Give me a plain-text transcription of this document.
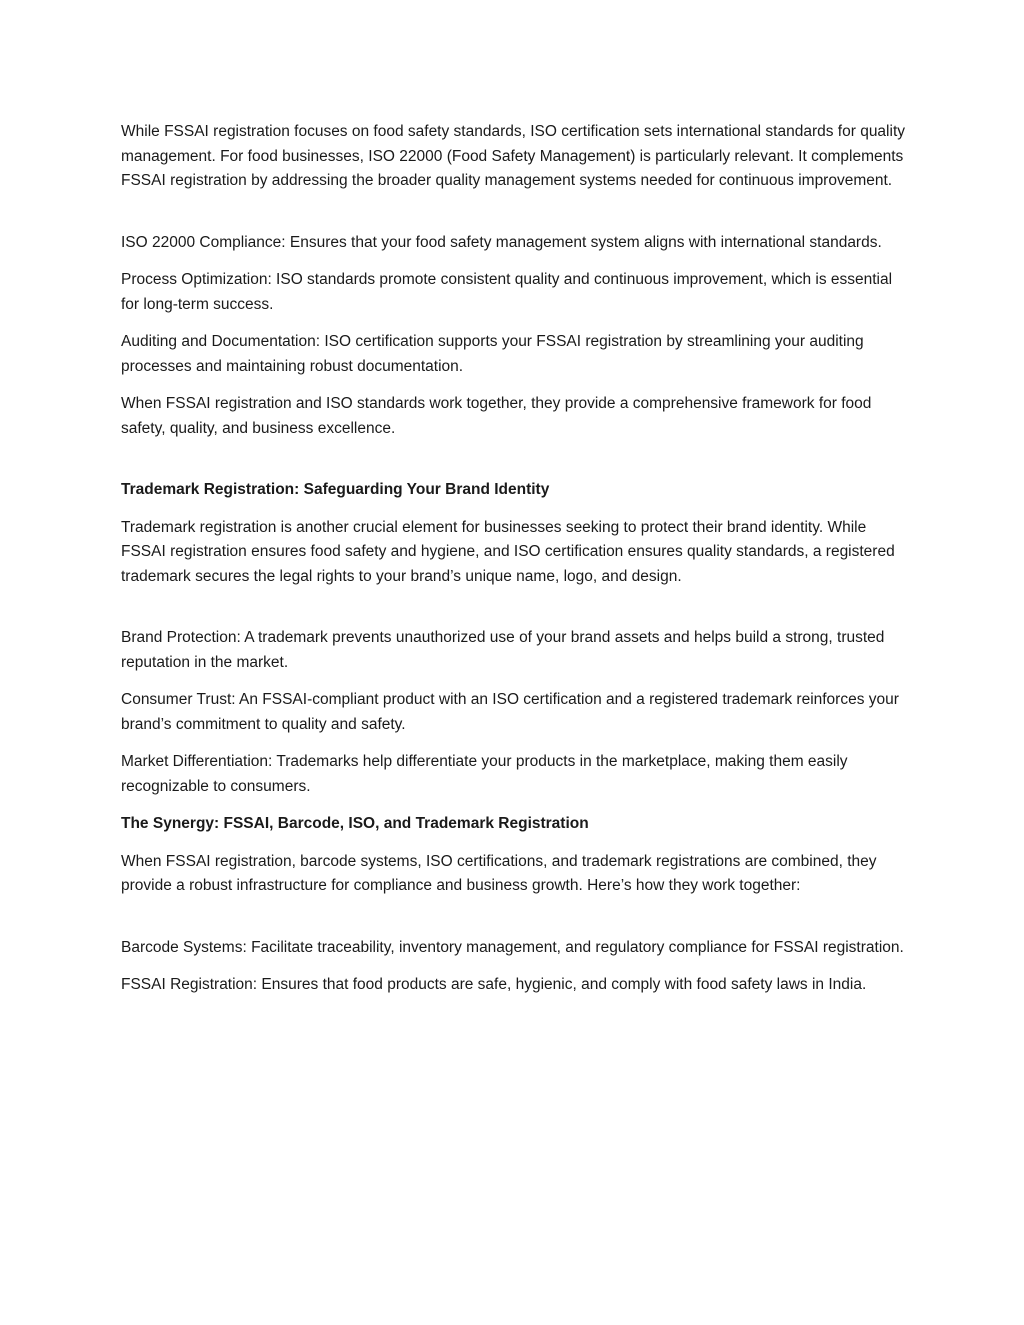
While FSSAI registration focuses on food safety standards, ISO certification sets international standards for quality management. For food businesses, ISO 22000 (Food Safety Management) is particularly relevant. It complements FSSAI registration by addressing the broader quality management systems needed for continuous improvement.

ISO 22000 Compliance: Ensures that your food safety management system aligns with international standards.

Process Optimization: ISO standards promote consistent quality and continuous improvement, which is essential for long-term success.

Auditing and Documentation: ISO certification supports your FSSAI registration by streamlining your auditing processes and maintaining robust documentation.

When FSSAI registration and ISO standards work together, they provide a comprehensive framework for food safety, quality, and business excellence.

Trademark Registration: Safeguarding Your Brand Identity

Trademark registration is another crucial element for businesses seeking to protect their brand identity. While FSSAI registration ensures food safety and hygiene, and ISO certification ensures quality standards, a registered trademark secures the legal rights to your brand’s unique name, logo, and design.

Brand Protection: A trademark prevents unauthorized use of your brand assets and helps build a strong, trusted reputation in the market.

Consumer Trust: An FSSAI-compliant product with an ISO certification and a registered trademark reinforces your brand’s commitment to quality and safety.

Market Differentiation: Trademarks help differentiate your products in the marketplace, making them easily recognizable to consumers.

The Synergy: FSSAI, Barcode, ISO, and Trademark Registration

When FSSAI registration, barcode systems, ISO certifications, and trademark registrations are combined, they provide a robust infrastructure for compliance and business growth. Here’s how they work together:

Barcode Systems: Facilitate traceability, inventory management, and regulatory compliance for FSSAI registration.

FSSAI Registration: Ensures that food products are safe, hygienic, and comply with food safety laws in India.
